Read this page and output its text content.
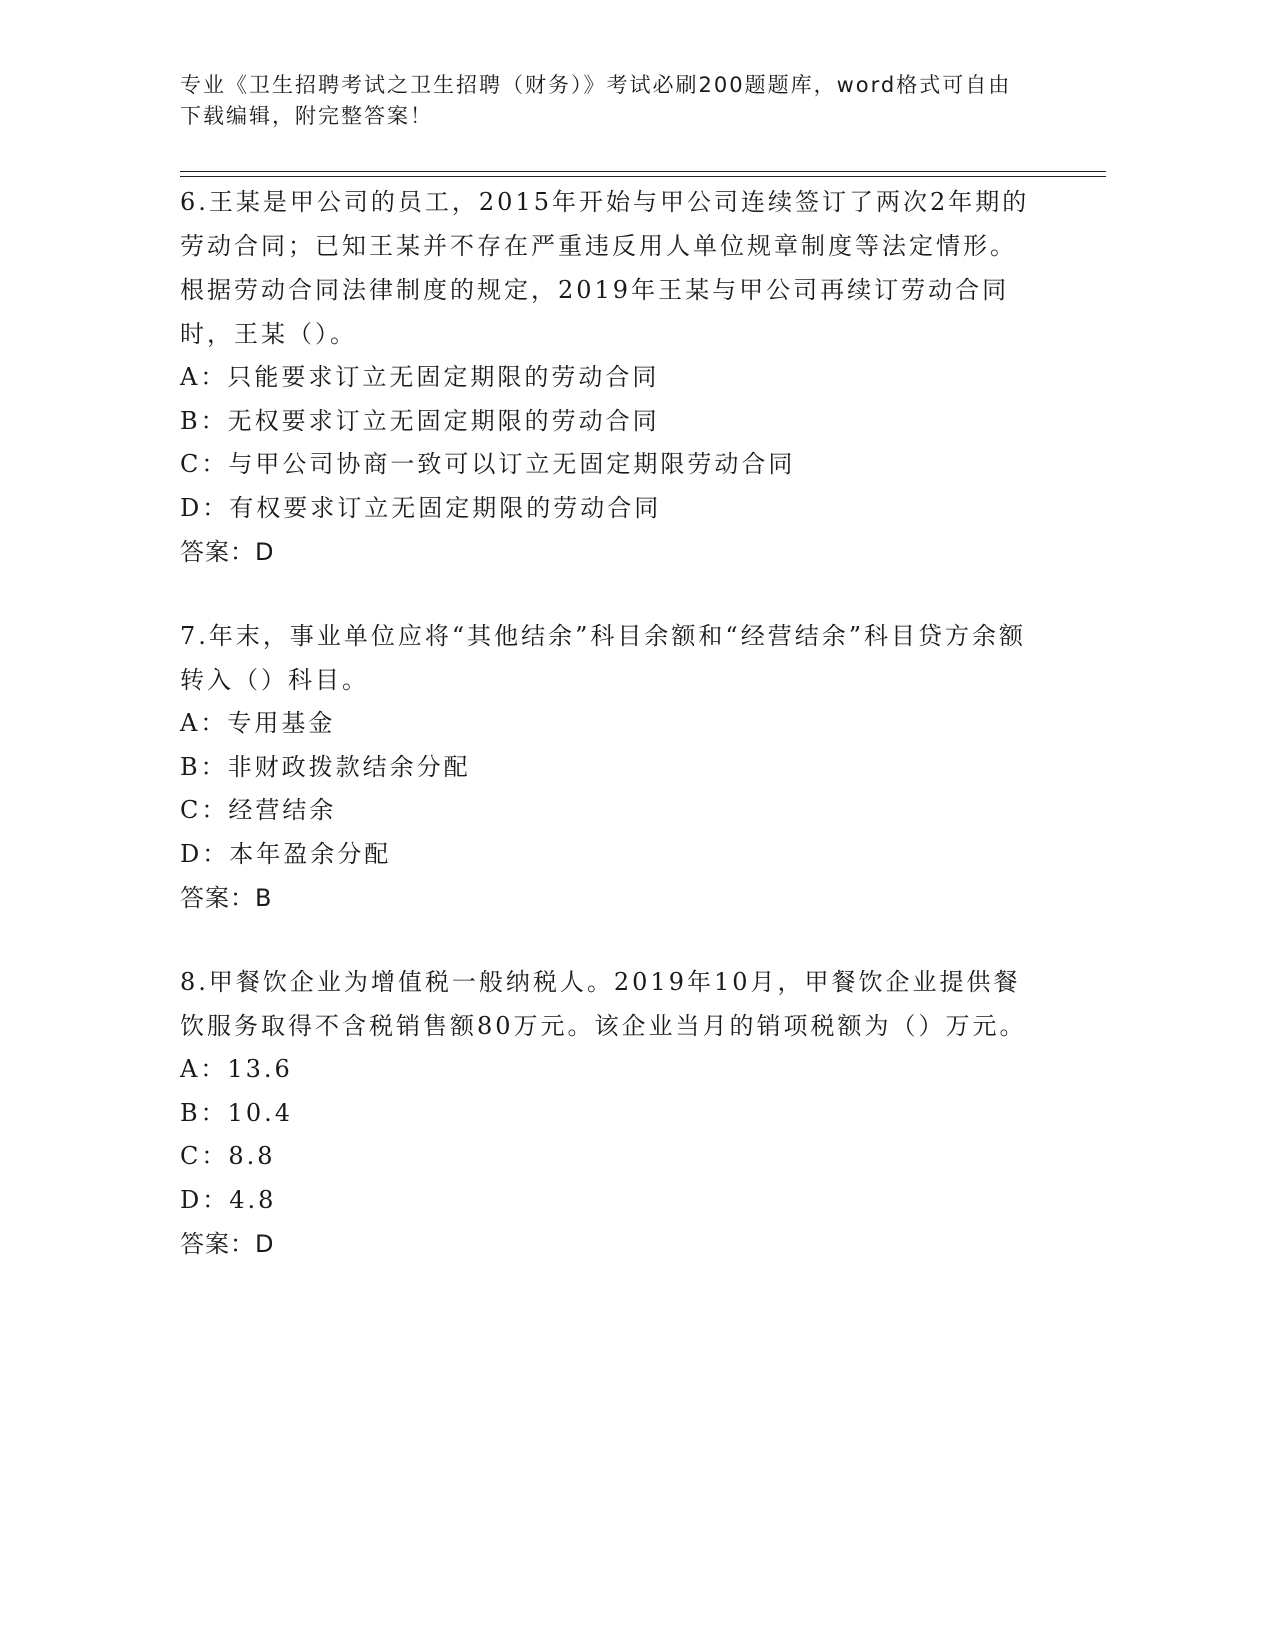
专业《卫生招聘考试之卫生招聘（财务）》考试必刷200题题库，word格式可自由下载编辑，附完整答案！

6.王某是甲公司的员工，2015年开始与甲公司连续签订了两次2年期的劳动合同；已知王某并不存在严重违反用人单位规章制度等法定情形。根据劳动合同法律制度的规定，2019年王某与甲公司再续订劳动合同时，王某（）。

A：只能要求订立无固定期限的劳动合同

B：无权要求订立无固定期限的劳动合同

C：与甲公司协商一致可以订立无固定期限劳动合同

D：有权要求订立无固定期限的劳动合同

答案：D

7.年末，事业单位应将“其他结余”科目余额和“经营结余”科目贷方余额转入（）科目。

A：专用基金

B：非财政拨款结余分配

C：经营结余

D：本年盈余分配

答案：B

8.甲餐饮企业为增值税一般纳税人。2019年10月，甲餐饮企业提供餐饮服务取得不含税销售额80万元。该企业当月的销项税额为（）万元。

A：13.6

B：10.4

C：8.8

D：4.8

答案：D
